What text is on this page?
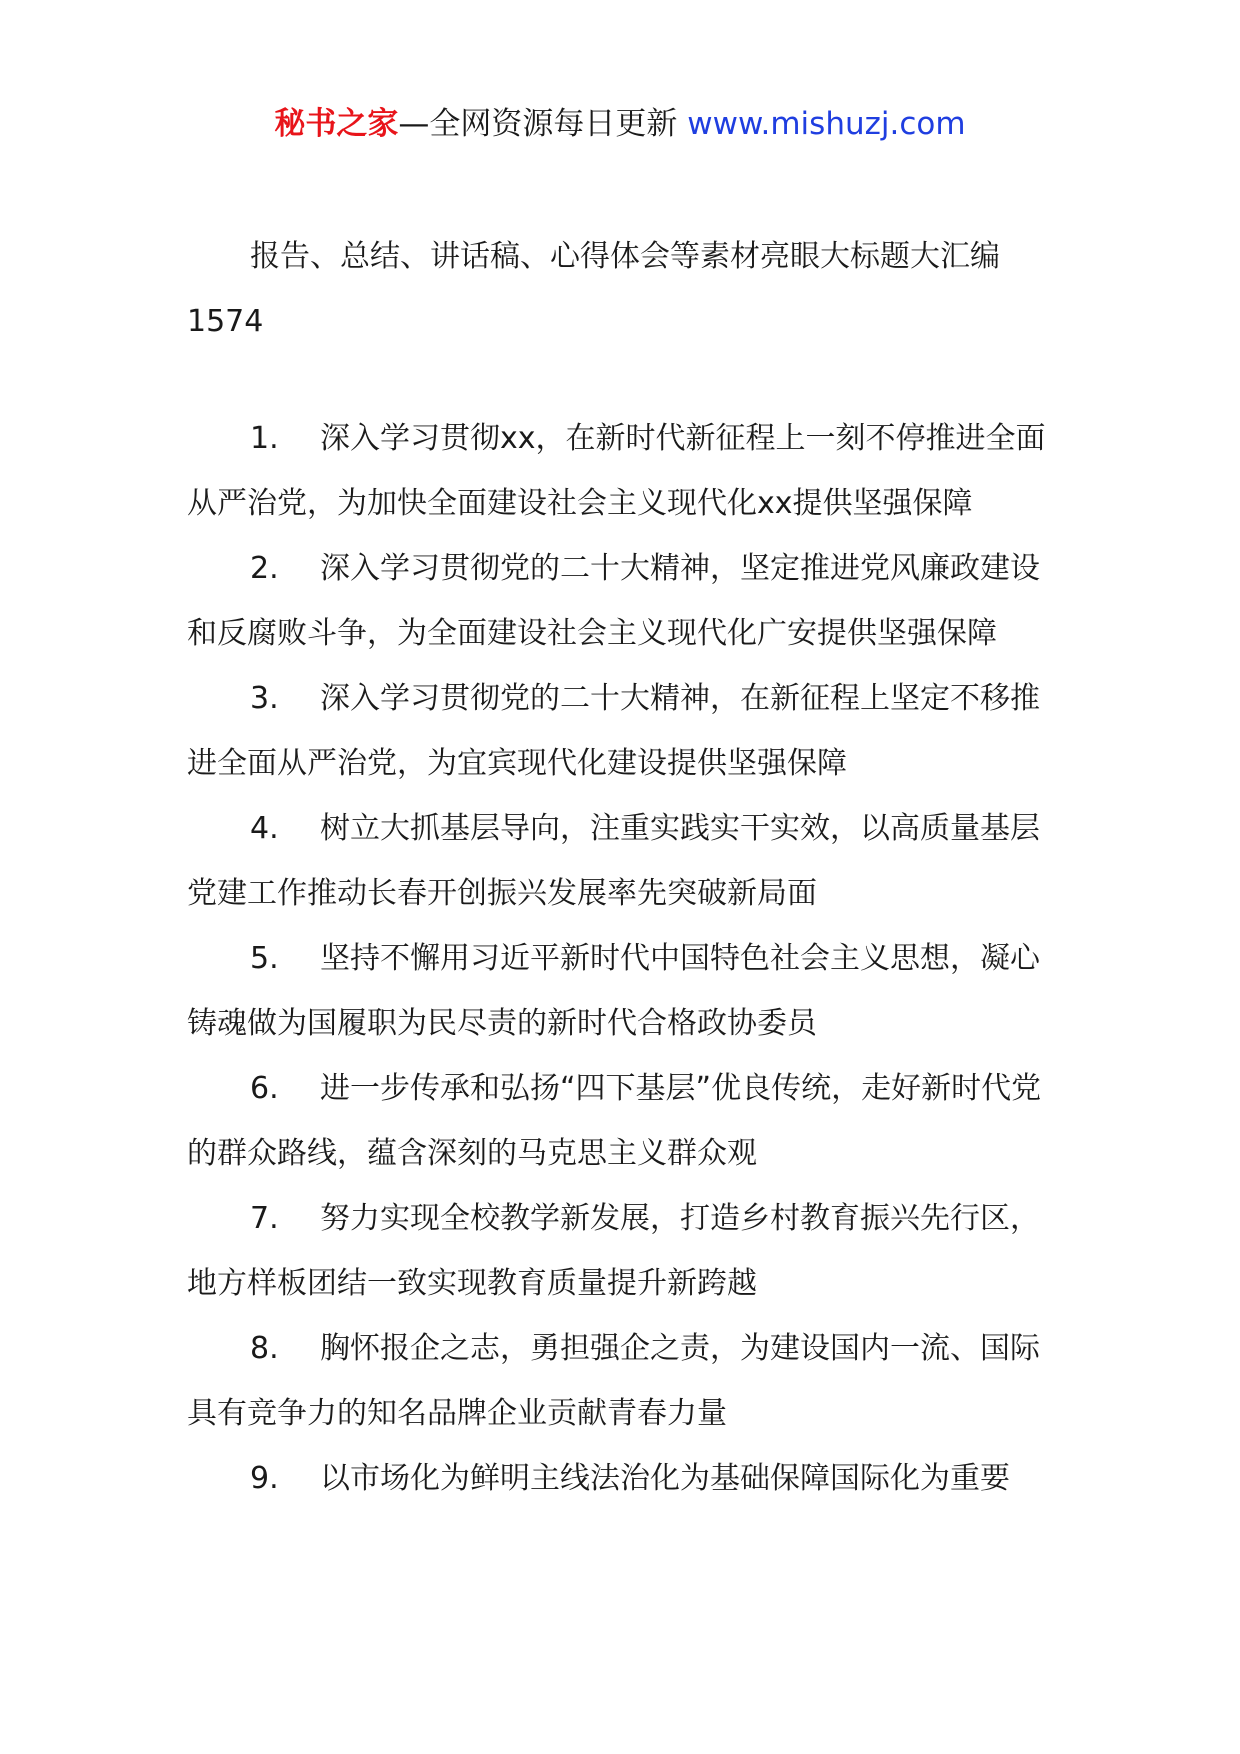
秘书之家—全网资源每日更新 www.mishuzj.com

报告、总结、讲话稿、心得体会等素材亮眼大标题大汇编

1574

1. 深入学习贯彻xx，在新时代新征程上一刻不停推进全面从严治党，为加快全面建设社会主义现代化xx提供坚强保障

2. 深入学习贯彻党的二十大精神，坚定推进党风廉政建设和反腐败斗争，为全面建设社会主义现代化广安提供坚强保障

3. 深入学习贯彻党的二十大精神，在新征程上坚定不移推进全面从严治党，为宜宾现代化建设提供坚强保障

4. 树立大抓基层导向，注重实践实干实效，以高质量基层党建工作推动长春开创振兴发展率先突破新局面

5. 坚持不懈用习近平新时代中国特色社会主义思想，凝心铸魂做为国履职为民尽责的新时代合格政协委员

6. 进一步传承和弘扬“四下基层”优良传统，走好新时代党的群众路线，蕴含深刻的马克思主义群众观

7. 努力实现全校教学新发展，打造乡村教育振兴先行区，地方样板团结一致实现教育质量提升新跨越

8. 胸怀报企之志，勇担强企之责，为建设国内一流、国际具有竞争力的知名品牌企业贡献青春力量

9. 以市场化为鲜明主线法治化为基础保障国际化为重要
